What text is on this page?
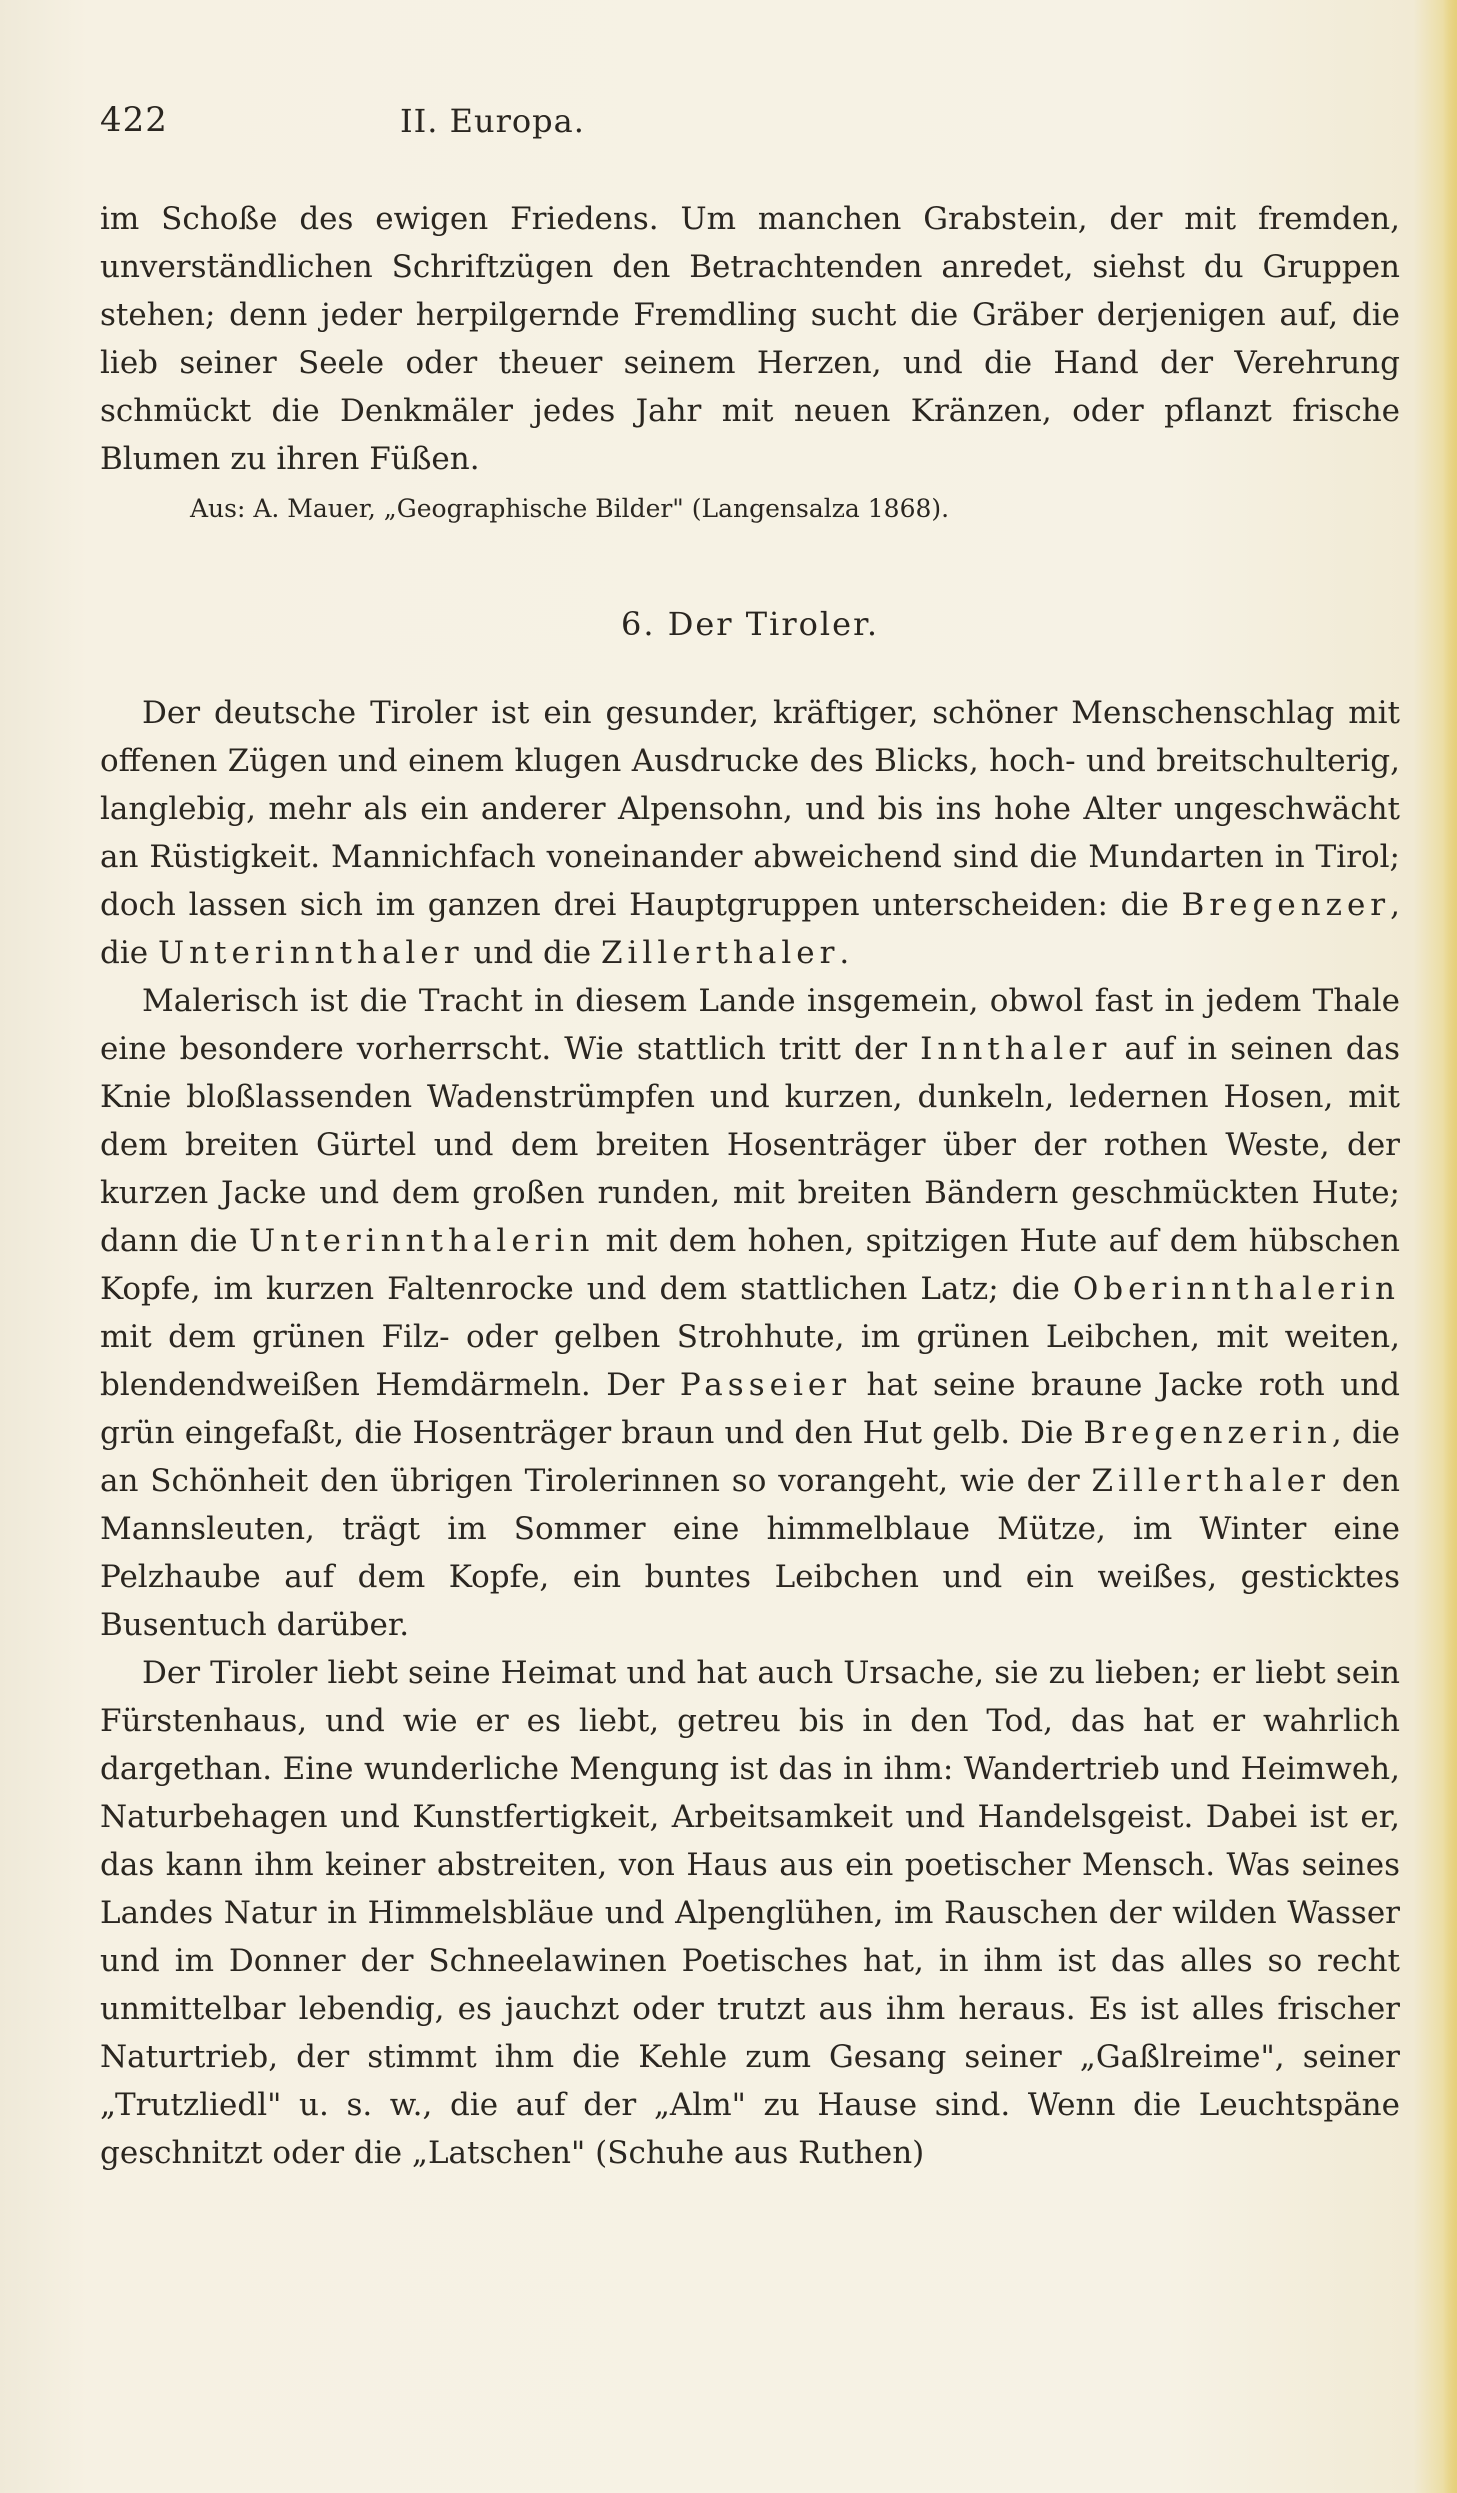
422	II. Europa.

im Schoße des ewigen Friedens. Um manchen Grabstein, der mit fremden, unverständlichen Schriftzügen den Betrachtenden anredet, siehst du Gruppen stehen; denn jeder herpilgernde Fremdling sucht die Gräber derjenigen auf, die lieb seiner Seele oder theuer seinem Herzen, und die Hand der Verehrung schmückt die Denkmäler jedes Jahr mit neuen Kränzen, oder pflanzt frische Blumen zu ihren Füßen.

Aus: A. Mauer, „Geographische Bilder" (Langensalza 1868).

6. Der Tiroler.

Der deutsche Tiroler ist ein gesunder, kräftiger, schöner Menschenschlag mit offenen Zügen und einem klugen Ausdrucke des Blicks, hoch- und breitschulterig, langlebig, mehr als ein anderer Alpensohn, und bis ins hohe Alter ungeschwächt an Rüstigkeit. Mannichfach voneinander abweichend sind die Mundarten in Tirol; doch lassen sich im ganzen drei Hauptgruppen unterscheiden: die Bregenzer, die Unterinnthaler und die Zillerthaler.

Malerisch ist die Tracht in diesem Lande insgemein, obwol fast in jedem Thale eine besondere vorherrscht. Wie stattlich tritt der Innthaler auf in seinen das Knie bloßlassenden Wadenstrümpfen und kurzen, dunkeln, ledernen Hosen, mit dem breiten Gürtel und dem breiten Hosenträger über der rothen Weste, der kurzen Jacke und dem großen runden, mit breiten Bändern geschmückten Hute; dann die Unterinnthalerin mit dem hohen, spitzigen Hute auf dem hübschen Kopfe, im kurzen Faltenrocke und dem stattlichen Latz; die Oberinnthalerin mit dem grünen Filz- oder gelben Strohhute, im grünen Leibchen, mit weiten, blendendweißen Hemdärmeln. Der Passeier hat seine braune Jacke roth und grün eingefaßt, die Hosenträger braun und den Hut gelb. Die Bregenzerin, die an Schönheit den übrigen Tirolerinnen so vorangeht, wie der Zillerthaler den Mannsleuten, trägt im Sommer eine himmelblaue Mütze, im Winter eine Pelzhaube auf dem Kopfe, ein buntes Leibchen und ein weißes, gesticktes Busentuch darüber.

Der Tiroler liebt seine Heimat und hat auch Ursache, sie zu lieben; er liebt sein Fürstenhaus, und wie er es liebt, getreu bis in den Tod, das hat er wahrlich dargethan. Eine wunderliche Mengung ist das in ihm: Wandertrieb und Heimweh, Naturbehagen und Kunstfertigkeit, Arbeitsamkeit und Handelsgeist. Dabei ist er, das kann ihm keiner abstreiten, von Haus aus ein poetischer Mensch. Was seines Landes Natur in Himmelsbläue und Alpenglühen, im Rauschen der wilden Wasser und im Donner der Schneelawinen Poetisches hat, in ihm ist das alles so recht unmittelbar lebendig, es jauchzt oder trutzt aus ihm heraus. Es ist alles frischer Naturtrieb, der stimmt ihm die Kehle zum Gesang seiner „Gaßlreime", seiner „Trutzliedl" u. s. w., die auf der „Alm" zu Hause sind. Wenn die Leuchtspäne geschnitzt oder die „Latschen" (Schuhe aus Ruthen)
